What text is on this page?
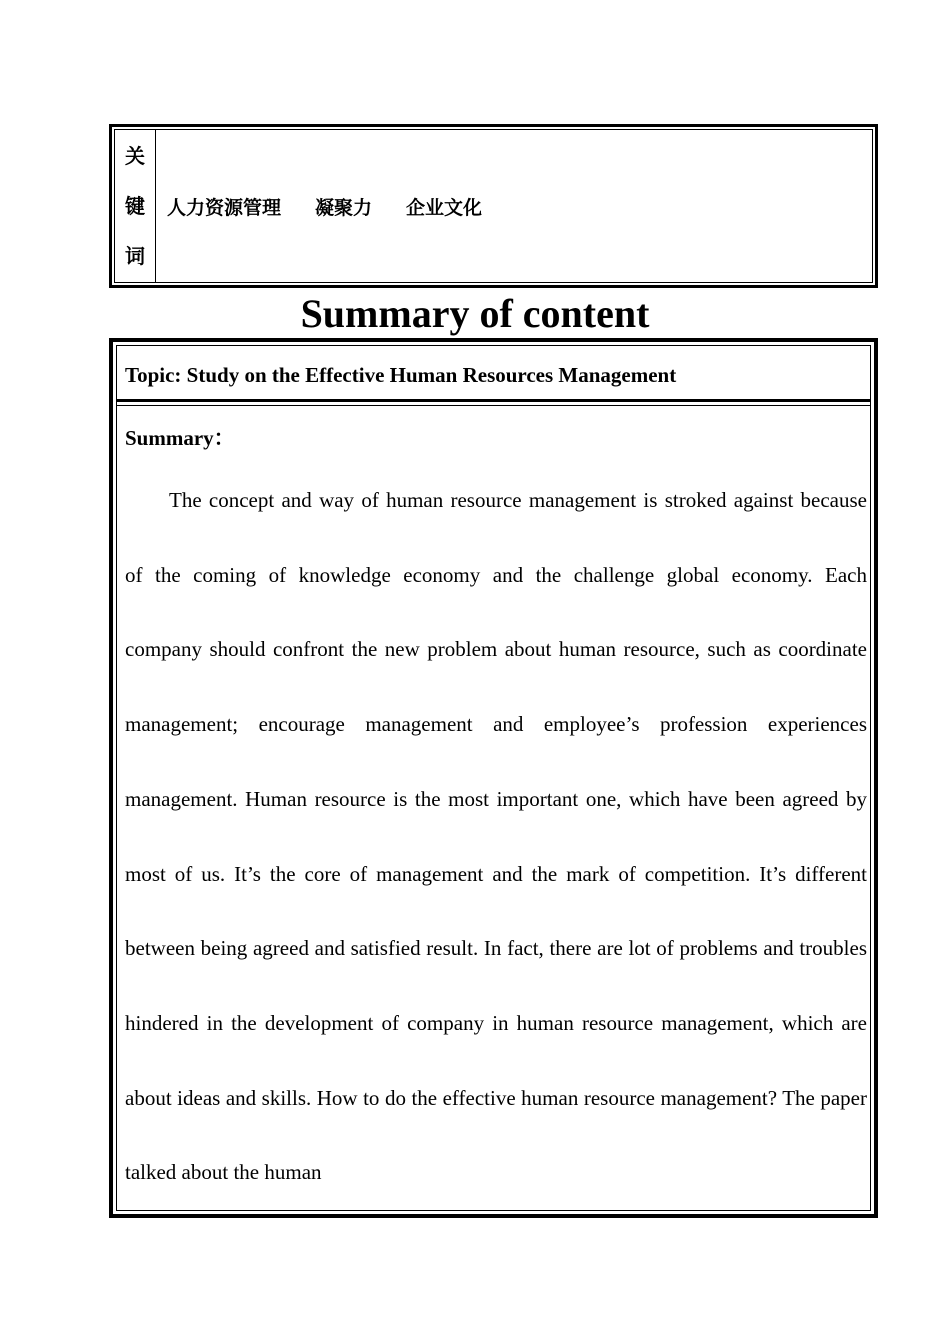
关
键
词
人力资源管理 凝聚力 企业文化
Summary of content
Topic: Study on the Effective Human Resources Management
Summary：

The concept and way of human resource management is stroked against because of the coming of knowledge economy and the challenge global economy. Each company should confront the new problem about human resource, such as coordinate management; encourage management and employee’s profession experiences management. Human resource is the most important one, which have been agreed by most of us. It’s the core of management and the mark of competition. It’s different between being agreed and satisfied result. In fact, there are lot of problems and troubles hindered in the development of company in human resource management, which are about ideas and skills. How to do the effective human resource management? The paper talked about the human
